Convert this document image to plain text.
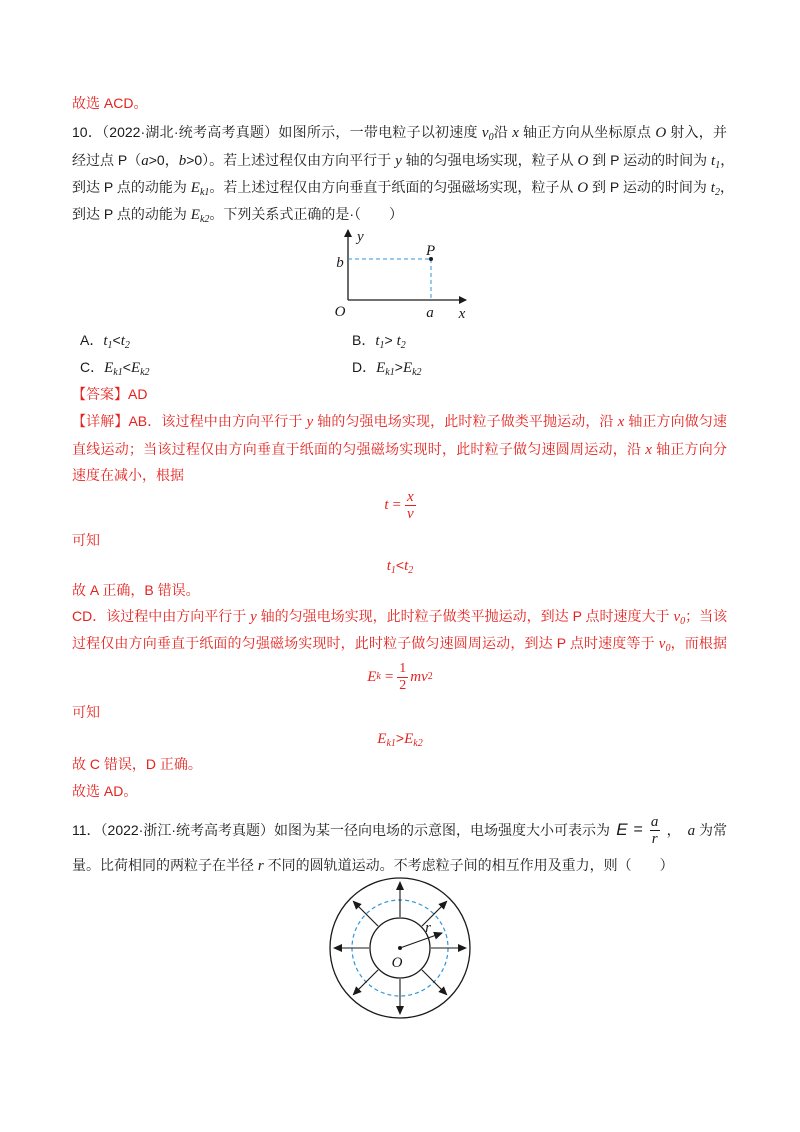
故选 ACD。
10．（2022·湖北·统考高考真题）如图所示，一带电粒子以初速度 $v_0$沿 x 轴正方向从坐标原点 O 射入，并
经过点 P（a>0，b>0）。若上述过程仅由方向平行于 y 轴的匀强电场实现，粒子从 O 到 P 运动的时间为 $t_1$，
到达 P 点的动能为 $E_{k1}$。若上述过程仅由方向垂直于纸面的匀强磁场实现，粒子从 O 到 P 运动的时间为 $t_2$，
到达 P 点的动能为 $E_{k2}$。下列关系式正确的是·（　　）
y
P
b
O	a x
A．$t_1<t_2$	B．$t_1> t_2$
C．$E_{k1}<E_{k2}$	D．$E_{k1}>E_{k2}$
【答案】AD
【详解】AB．该过程中由方向平行于 y 轴的匀强电场实现，此时粒子做类平抛运动，沿 x 轴正方向做匀速
直线运动；当该过程仅由方向垂直于纸面的匀强磁场实现时，此时粒子做匀速圆周运动，沿 x 轴正方向分
速度在减小，根据
$t = \frac{x}{v}$
可知
$t_1<t_2$
故 A 正确，B 错误。
CD．该过程中由方向平行于 y 轴的匀强电场实现，此时粒子做类平抛运动，到达 P 点时速度大于 $v_0$；当该
过程仅由方向垂直于纸面的匀强磁场实现时，此时粒子做匀速圆周运动，到达 P 点时速度等于 $v_0$，而根据
E $k = \frac{1}{2}$ m v 2
可知
$E_{k1}>E_{k2}$
故 C 错误，D 正确。
故选 AD。
11．（2022·浙江·统考高考真题）如图为某一径向电场的示意图，电场强度大小可表示为 $E = \frac{a}{r}$ ，　a 为常
量。比荷相同的两粒子在半径 r 不同的圆轨道运动。不考虑粒子间的相互作用及重力，则（　　）
r
O
